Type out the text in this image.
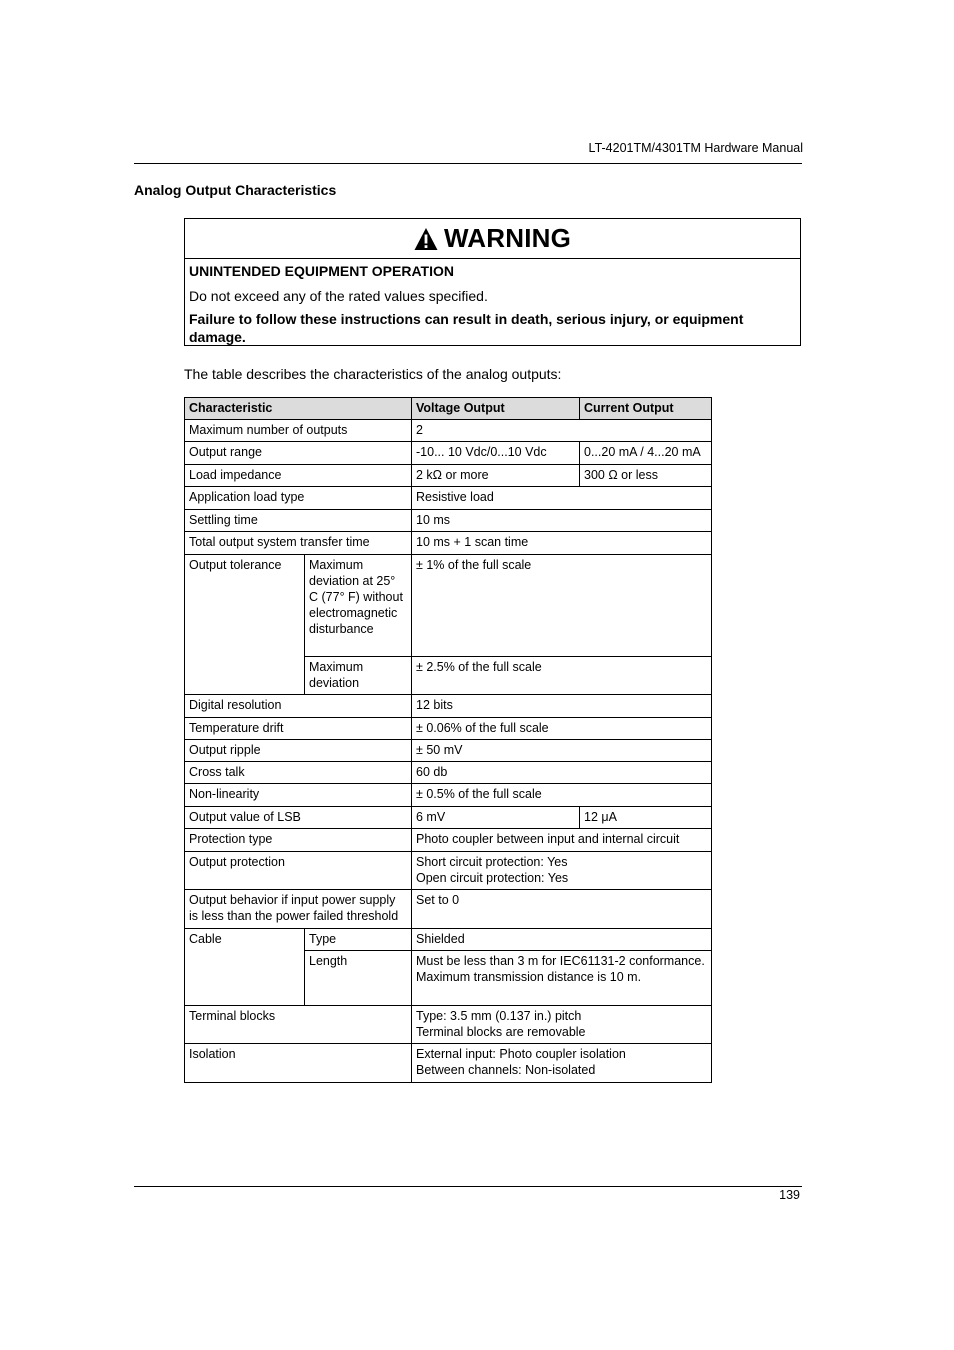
LT-4201TM/4301TM Hardware Manual
Analog Output Characteristics
WARNING
UNINTENDED EQUIPMENT OPERATION
Do not exceed any of the rated values specified.
Failure to follow these instructions can result in death, serious injury, or equipment damage.
The table describes the characteristics of the analog outputs:
Characteristic		Voltage Output	Current Output
Maximum number of outputs		2	
Output range		-10... 10 Vdc/0...10 Vdc	0...20 mA / 4...20 mA
Load impedance		2 kΩ or more	300 Ω or less
Application load type		Resistive load	
Settling time		10 ms	
Total output system transfer time		10 ms + 1 scan time	
Output tolerance	Maximum deviation at 25° C (77° F) without electromagnetic disturbance	± 1% of the full scale	
	Maximum deviation	± 2.5% of the full scale	
Digital resolution		12 bits	
Temperature drift		± 0.06% of the full scale	
Output ripple		± 50 mV	
Cross talk		60 db	
Non-linearity		± 0.5% of the full scale	
Output value of LSB		6 mV	12 μA
Protection type		Photo coupler between input and internal circuit	
Output protection		Short circuit protection: Yes
Open circuit protection: Yes	

Output behavior if input power supply is less than the power failed threshold		Set to 0	
Cable	Type	Shielded	
	Length	Must be less than 3 m for IEC61131-2 conformance. Maximum transmission distance is 10 m.	
Terminal blocks		Type: 3.5 mm (0.137 in.) pitch
Terminal blocks are removable	

Isolation		External input: Photo coupler isolation
Between channels: Non-isolated	
139
